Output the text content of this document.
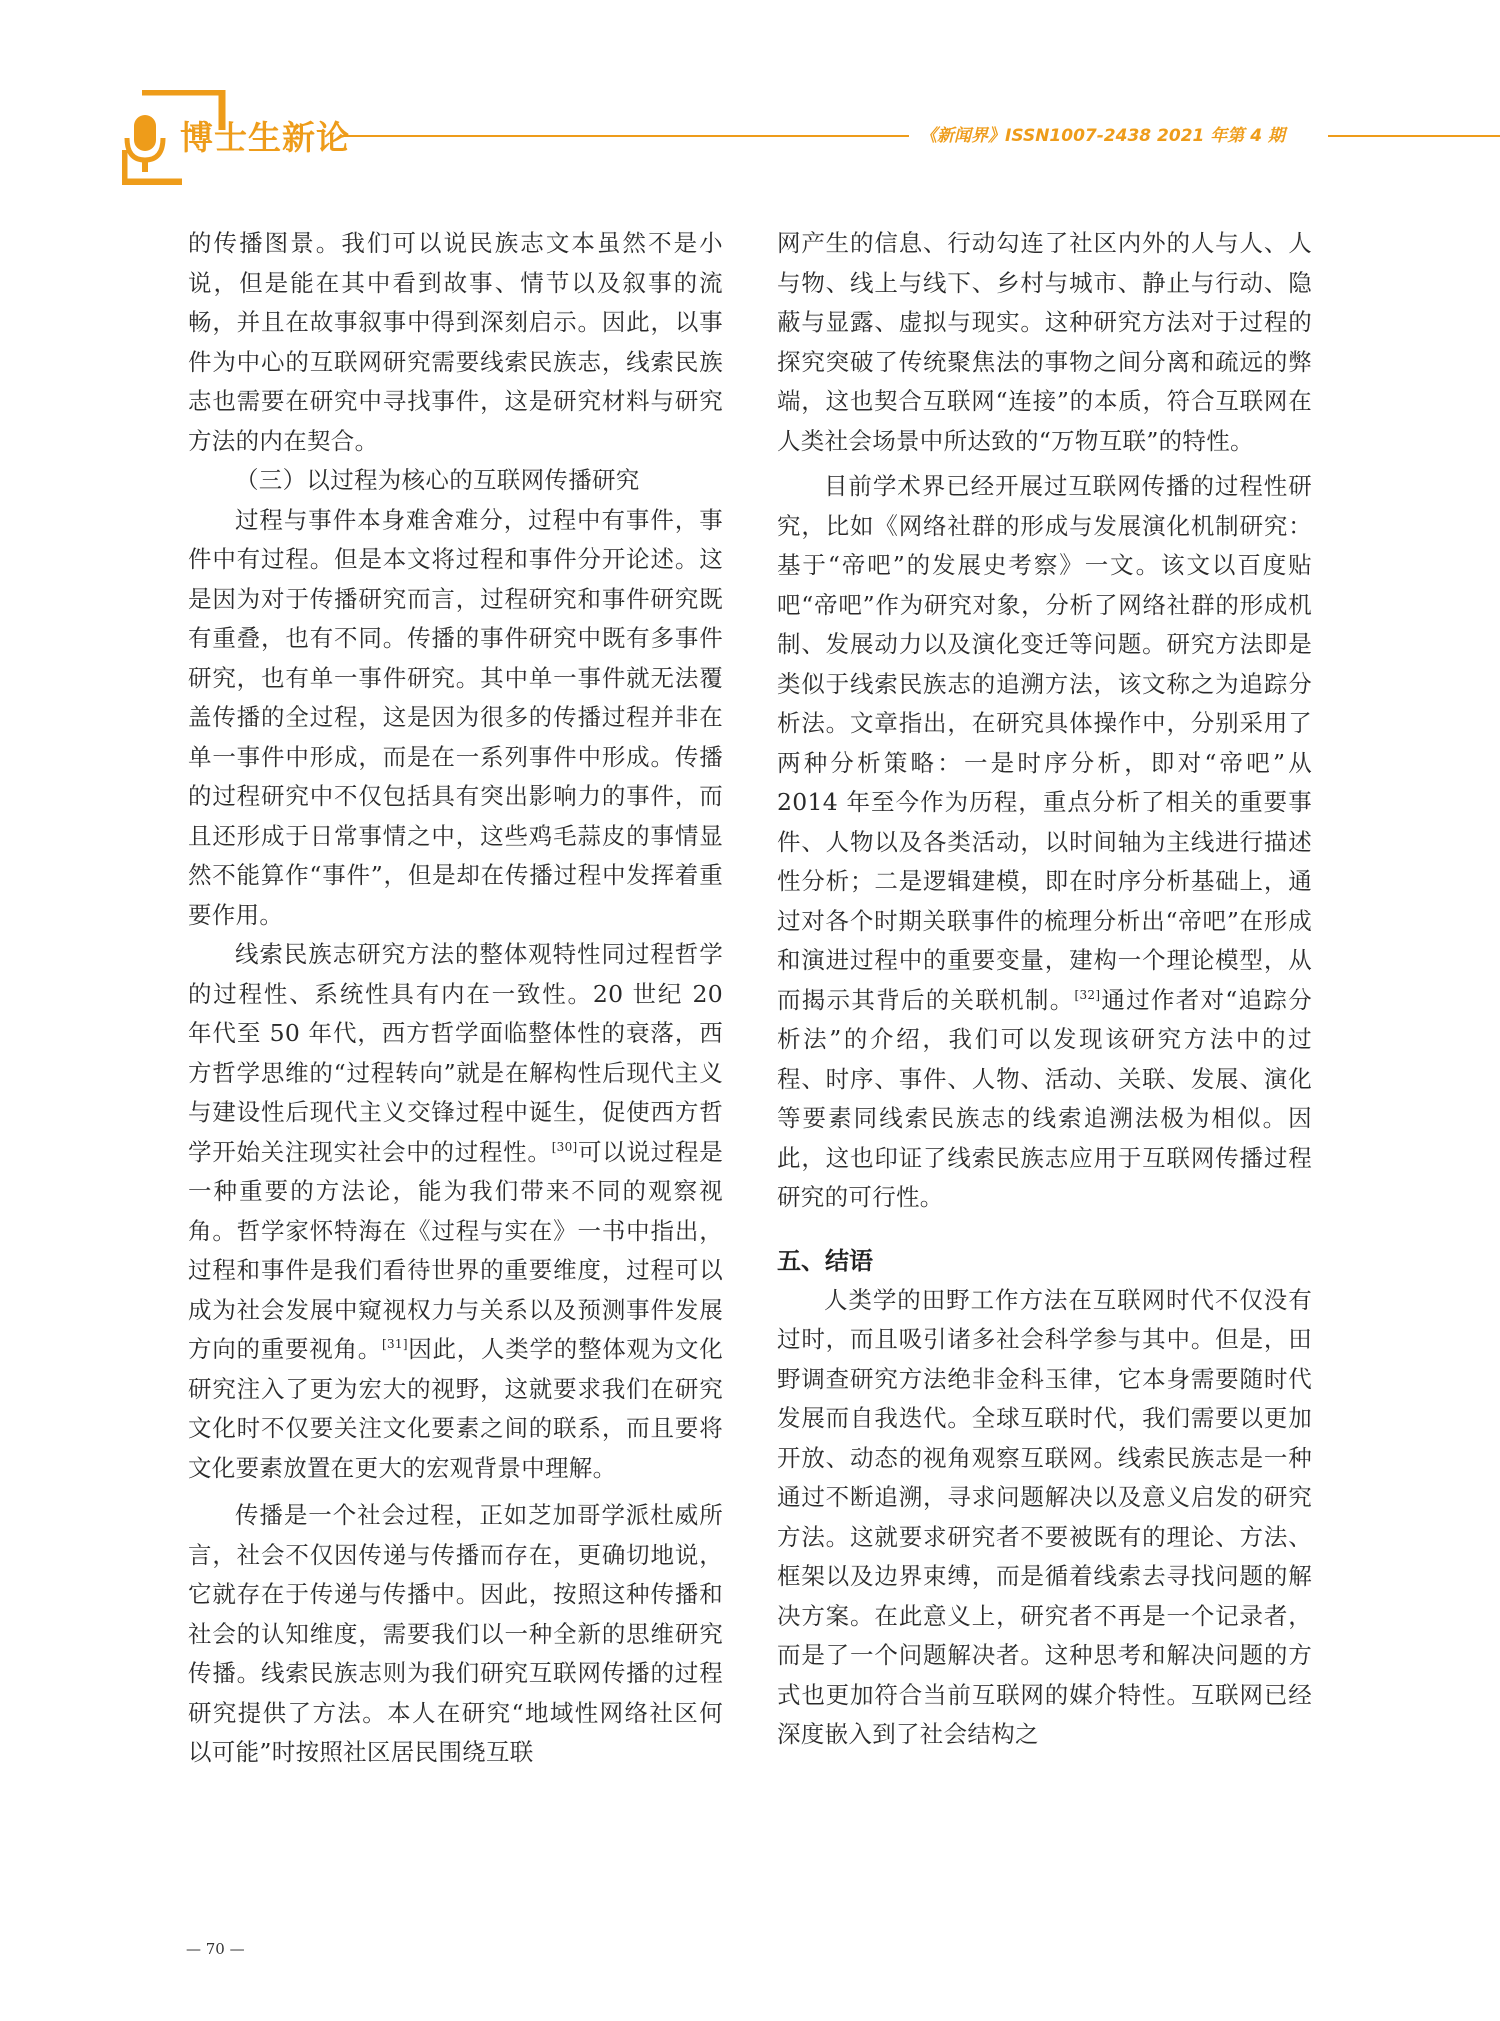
博士生新论	《新闻界》ISSN1007-2438 2021 年第 4 期

的传播图景。我们可以说民族志文本虽然不是小说，但是能在其中看到故事、情节以及叙事的流畅，并且在故事叙事中得到深刻启示。因此，以事件为中心的互联网研究需要线索民族志，线索民族志也需要在研究中寻找事件，这是研究材料与研究方法的内在契合。

（三）以过程为核心的互联网传播研究

过程与事件本身难舍难分，过程中有事件，事件中有过程。但是本文将过程和事件分开论述。这是因为对于传播研究而言，过程研究和事件研究既有重叠，也有不同。传播的事件研究中既有多事件研究，也有单一事件研究。其中单一事件就无法覆盖传播的全过程，这是因为很多的传播过程并非在单一事件中形成，而是在一系列事件中形成。传播的过程研究中不仅包括具有突出影响力的事件，而且还形成于日常事情之中，这些鸡毛蒜皮的事情显然不能算作“事件”，但是却在传播过程中发挥着重要作用。

线索民族志研究方法的整体观特性同过程哲学的过程性、系统性具有内在一致性。20 世纪 20 年代至 50 年代，西方哲学面临整体性的衰落，西方哲学思维的“过程转向”就是在解构性后现代主义与建设性后现代主义交锋过程中诞生，促使西方哲学开始关注现实社会中的过程性。[30]可以说过程是一种重要的方法论，能为我们带来不同的观察视角。哲学家怀特海在《过程与实在》一书中指出，过程和事件是我们看待世界的重要维度，过程可以成为社会发展中窥视权力与关系以及预测事件发展方向的重要视角。[31]因此，人类学的整体观为文化研究注入了更为宏大的视野，这就要求我们在研究文化时不仅要关注文化要素之间的联系，而且要将文化要素放置在更大的宏观背景中理解。

传播是一个社会过程，正如芝加哥学派杜威所言，社会不仅因传递与传播而存在，更确切地说，它就存在于传递与传播中。因此，按照这种传播和社会的认知维度，需要我们以一种全新的思维研究传播。线索民族志则为我们研究互联网传播的过程研究提供了方法。本人在研究“地域性网络社区何以可能”时按照社区居民围绕互联

网产生的信息、行动勾连了社区内外的人与人、人与物、线上与线下、乡村与城市、静止与行动、隐蔽与显露、虚拟与现实。这种研究方法对于过程的探究突破了传统聚焦法的事物之间分离和疏远的弊端，这也契合互联网“连接”的本质，符合互联网在人类社会场景中所达致的“万物互联”的特性。

目前学术界已经开展过互联网传播的过程性研究，比如《网络社群的形成与发展演化机制研究：基于“帝吧”的发展史考察》一文。该文以百度贴吧“帝吧”作为研究对象，分析了网络社群的形成机制、发展动力以及演化变迁等问题。研究方法即是类似于线索民族志的追溯方法，该文称之为追踪分析法。文章指出，在研究具体操作中，分别采用了两种分析策略：一是时序分析，即对“帝吧”从 2014 年至今作为历程，重点分析了相关的重要事件、人物以及各类活动，以时间轴为主线进行描述性分析；二是逻辑建模，即在时序分析基础上，通过对各个时期关联事件的梳理分析出“帝吧”在形成和演进过程中的重要变量，建构一个理论模型，从而揭示其背后的关联机制。[32]通过作者对“追踪分析法”的介绍，我们可以发现该研究方法中的过程、时序、事件、人物、活动、关联、发展、演化等要素同线索民族志的线索追溯法极为相似。因此，这也印证了线索民族志应用于互联网传播过程研究的可行性。

五、结语

人类学的田野工作方法在互联网时代不仅没有过时，而且吸引诸多社会科学参与其中。但是，田野调查研究方法绝非金科玉律，它本身需要随时代发展而自我迭代。全球互联时代，我们需要以更加开放、动态的视角观察互联网。线索民族志是一种通过不断追溯，寻求问题解决以及意义启发的研究方法。这就要求研究者不要被既有的理论、方法、框架以及边界束缚，而是循着线索去寻找问题的解决方案。在此意义上，研究者不再是一个记录者，而是了一个问题解决者。这种思考和解决问题的方式也更加符合当前互联网的媒介特性。互联网已经深度嵌入到了社会结构之

— 70 —
